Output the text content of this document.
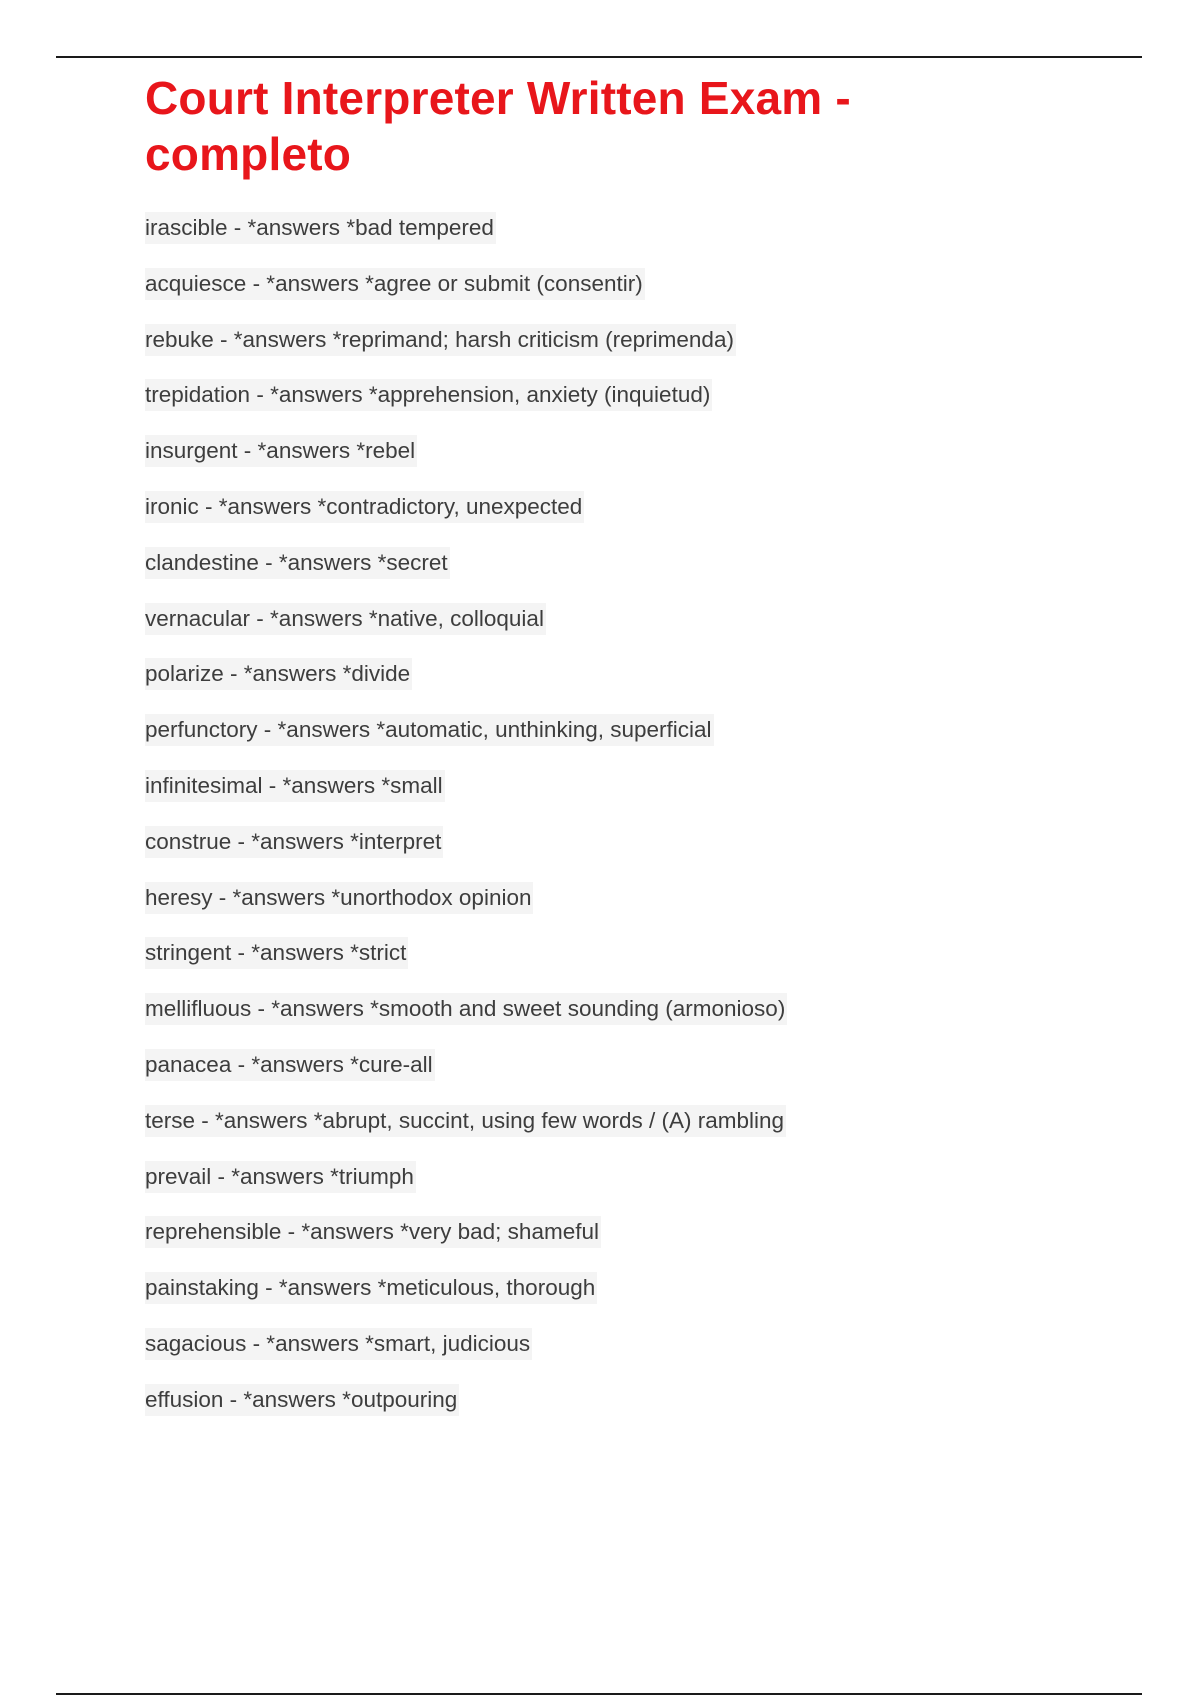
Court Interpreter Written Exam - completo
irascible - *answers *bad tempered
acquiesce - *answers *agree or submit (consentir)
rebuke - *answers *reprimand; harsh criticism (reprimenda)
trepidation - *answers *apprehension, anxiety (inquietud)
insurgent - *answers *rebel
ironic - *answers *contradictory, unexpected
clandestine - *answers *secret
vernacular - *answers *native, colloquial
polarize - *answers *divide
perfunctory - *answers *automatic, unthinking, superficial
infinitesimal - *answers *small
construe - *answers *interpret
heresy - *answers *unorthodox opinion
stringent - *answers *strict
mellifluous - *answers *smooth and sweet sounding (armonioso)
panacea - *answers *cure-all
terse - *answers *abrupt, succint, using few words / (A) rambling
prevail - *answers *triumph
reprehensible - *answers *very bad; shameful
painstaking - *answers *meticulous, thorough
sagacious - *answers *smart, judicious
effusion - *answers *outpouring
